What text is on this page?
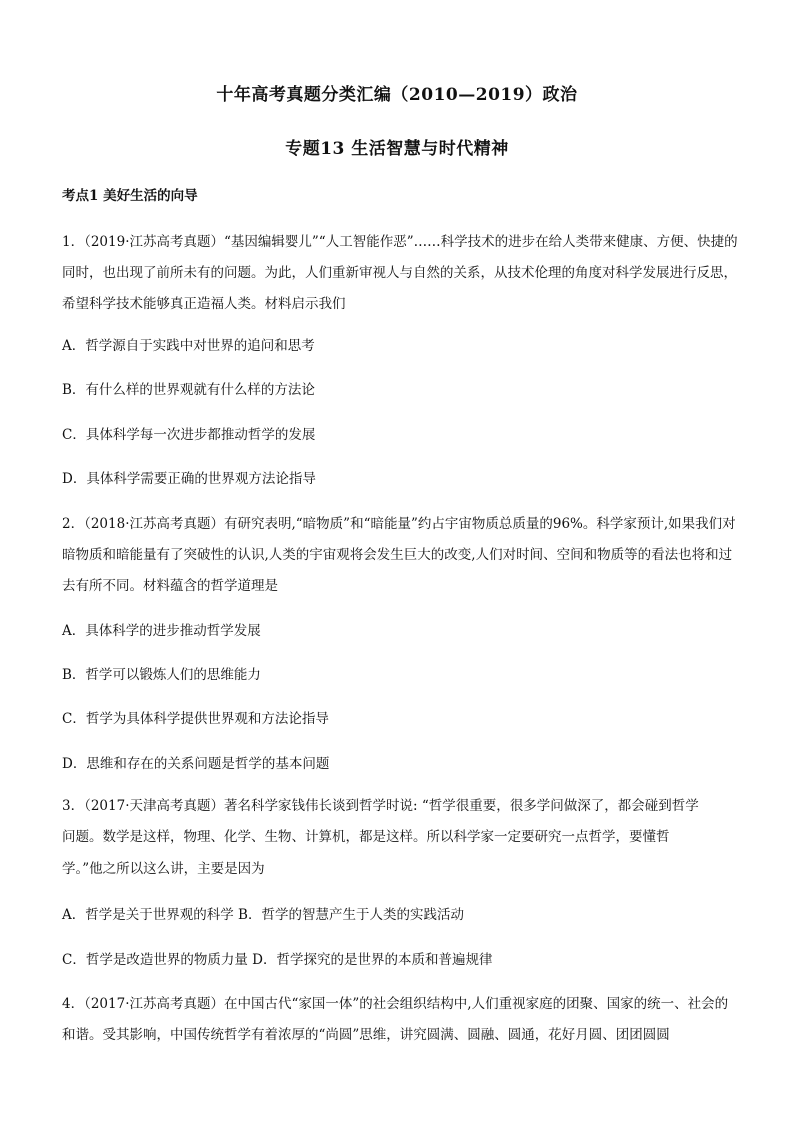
十年高考真题分类汇编（2010—2019）政治
专题13 生活智慧与时代精神
考点1 美好生活的向导
1．（2019·江苏高考真题）“基因编辑婴儿”“人工智能作恶”……科学技术的进步在给人类带来健康、方便、快捷的同时，也出现了前所未有的问题。为此，人们重新审视人与自然的关系，从技术伦理的角度对科学发展进行反思，希望科学技术能够真正造福人类。材料启示我们
A．哲学源自于实践中对世界的追问和思考
B．有什么样的世界观就有什么样的方法论
C．具体科学每一次进步都推动哲学的发展
D．具体科学需要正确的世界观方法论指导
2．（2018·江苏高考真题）有研究表明,“暗物质”和“暗能量”约占宇宙物质总质量的96%。科学家预计,如果我们对暗物质和暗能量有了突破性的认识,人类的宇宙观将会发生巨大的改变,人们对时间、空间和物质等的看法也将和过去有所不同。材料蕴含的哲学道理是
A．具体科学的进步推动哲学发展
B．哲学可以锻炼人们的思维能力
C．哲学为具体科学提供世界观和方法论指导
D．思维和存在的关系问题是哲学的基本问题
3．（2017·天津高考真题）著名科学家钱伟长谈到哲学时说: “哲学很重要，很多学问做深了，都会碰到哲学
问题。数学是这样，物理、化学、生物、计算机，都是这样。所以科学家一定要研究一点哲学，要懂哲
学。”他之所以这么讲，主要是因为
A．哲学是关于世界观的科学 B．哲学的智慧产生于人类的实践活动
C．哲学是改造世界的物质力量 D．哲学探究的是世界的本质和普遍规律
4．（2017·江苏高考真题）在中国古代“家国一体”的社会组织结构中,人们重视家庭的团聚、国家的统一、社会的和谐。受其影响，中国传统哲学有着浓厚的“尚圆”思维，讲究圆满、圆融、圆通，花好月圆、团团圆圆
